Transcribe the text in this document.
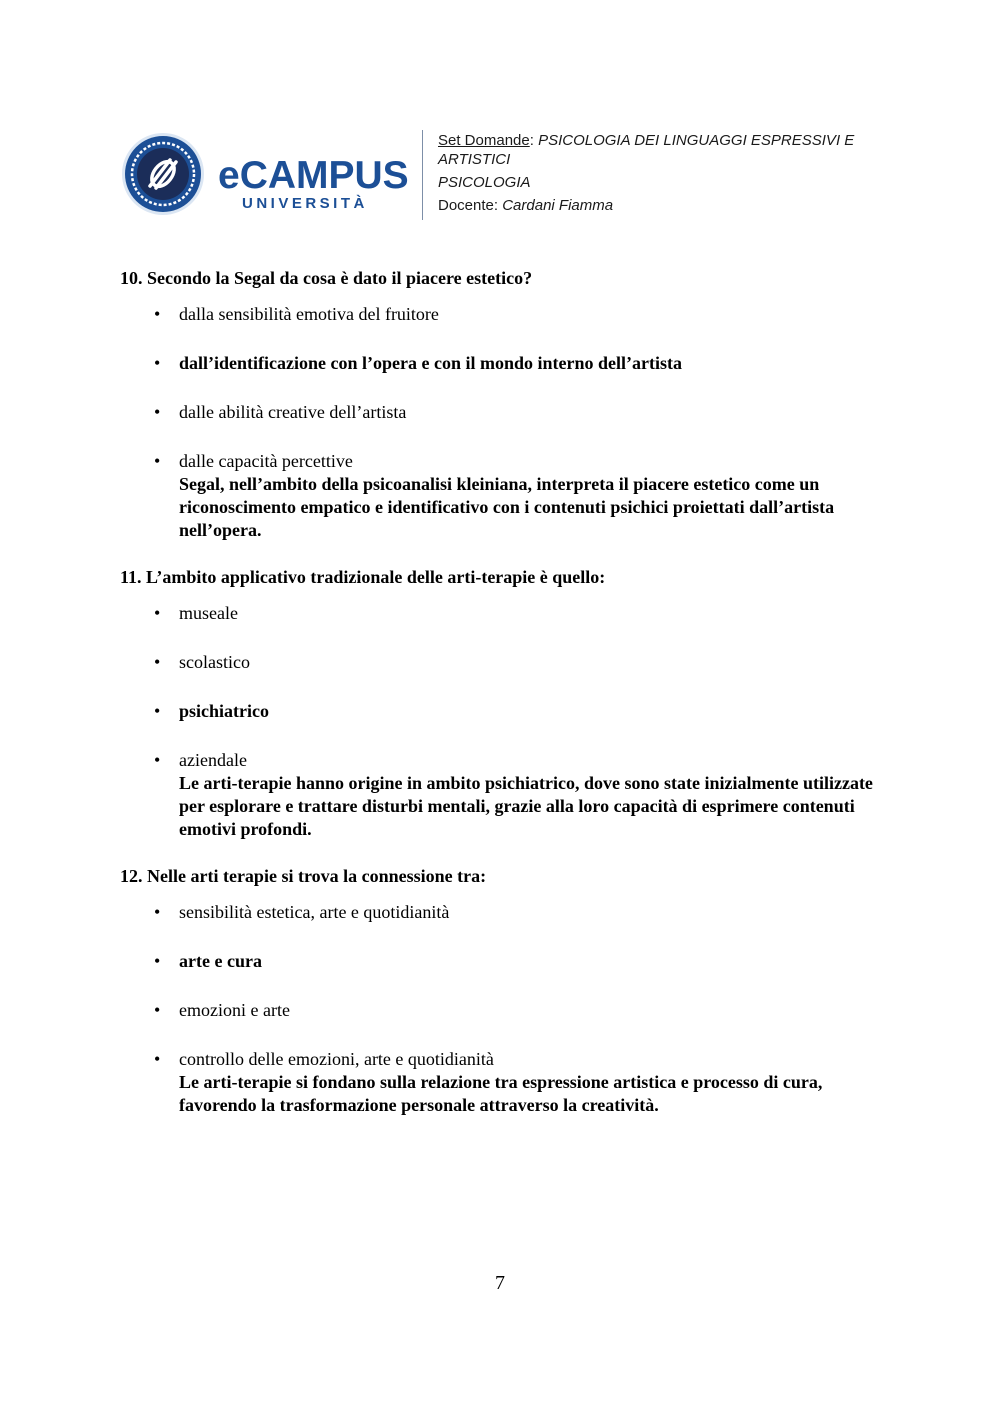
eCAMPUS
UNIVERSITÀ
Set Domande: PSICOLOGIA DEI LINGUAGGI ESPRESSIVI E
ARTISTICI
PSICOLOGIA
Docente: Cardani Fiamma

10. Secondo la Segal da cosa è dato il piacere estetico?

• dalla sensibilità emotiva del fruitore
• dall’identificazione con l’opera e con il mondo interno dell’artista
• dalle abilità creative dell’artista
• dalle capacità percettive
Segal, nell’ambito della psicoanalisi kleiniana, interpreta il piacere estetico come un riconoscimento empatico e identificativo con i contenuti psichici proiettati dall’artista nell’opera.

11. L’ambito applicativo tradizionale delle arti-terapie è quello:

• museale
• scolastico
• psichiatrico
• aziendale
Le arti-terapie hanno origine in ambito psichiatrico, dove sono state inizialmente utilizzate per esplorare e trattare disturbi mentali, grazie alla loro capacità di esprimere contenuti emotivi profondi.

12. Nelle arti terapie si trova la connessione tra:

• sensibilità estetica, arte e quotidianità
• arte e cura
• emozioni e arte
• controllo delle emozioni, arte e quotidianità
Le arti-terapie si fondano sulla relazione tra espressione artistica e processo di cura, favorendo la trasformazione personale attraverso la creatività.
7
